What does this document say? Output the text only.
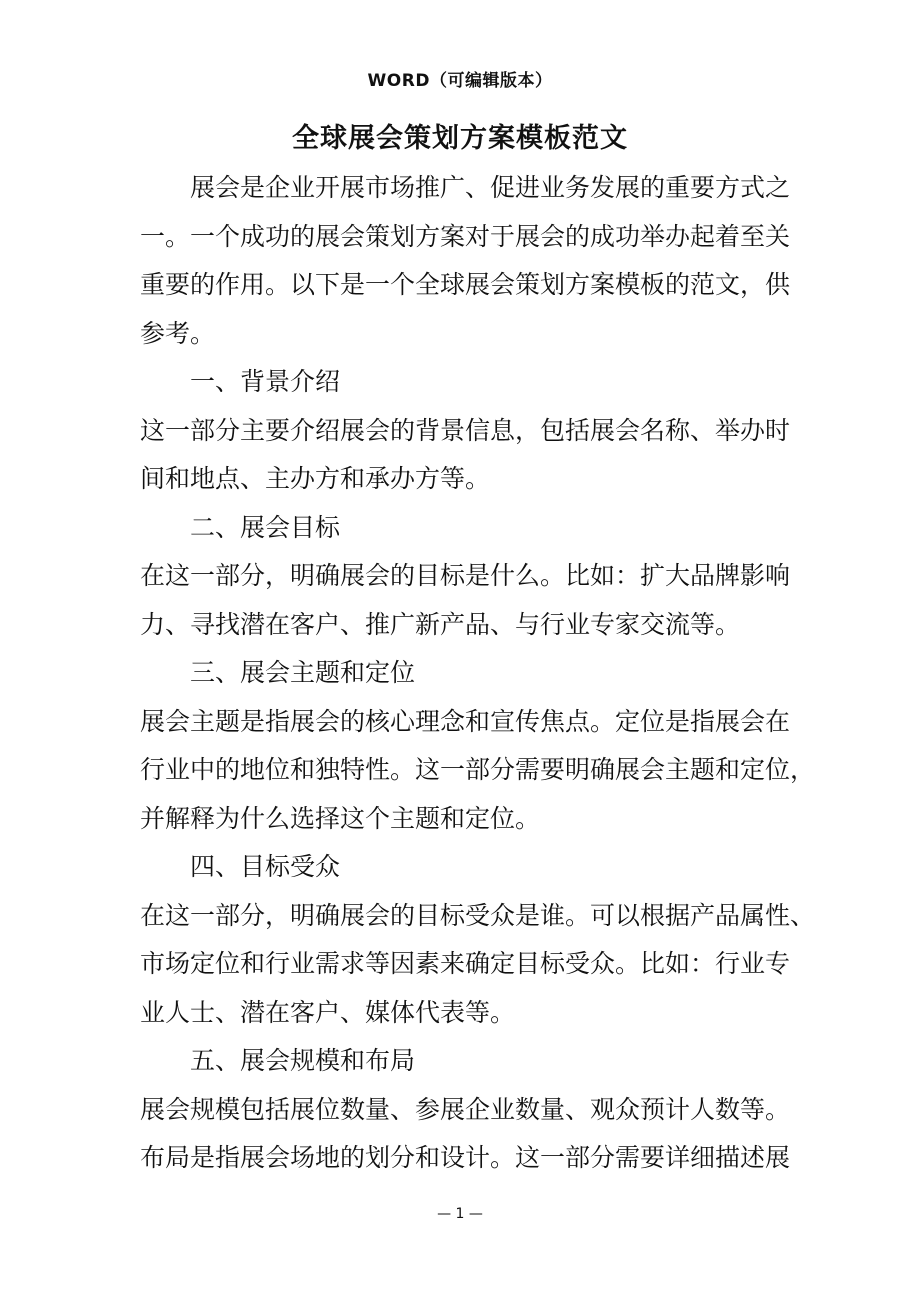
WORD（可编辑版本）
全球展会策划方案模板范文
展会是企业开展市场推广、促进业务发展的重要方式之
一。一个成功的展会策划方案对于展会的成功举办起着至关
重要的作用。以下是一个全球展会策划方案模板的范文，供
参考。
一、背景介绍
这一部分主要介绍展会的背景信息，包括展会名称、举办时
间和地点、主办方和承办方等。
二、展会目标
在这一部分，明确展会的目标是什么。比如：扩大品牌影响
力、寻找潜在客户、推广新产品、与行业专家交流等。
三、展会主题和定位
展会主题是指展会的核心理念和宣传焦点。定位是指展会在
行业中的地位和独特性。这一部分需要明确展会主题和定位，
并解释为什么选择这个主题和定位。
四、目标受众
在这一部分，明确展会的目标受众是谁。可以根据产品属性、
市场定位和行业需求等因素来确定目标受众。比如：行业专
业人士、潜在客户、媒体代表等。
五、展会规模和布局
展会规模包括展位数量、参展企业数量、观众预计人数等。
布局是指展会场地的划分和设计。这一部分需要详细描述展
— 1 —
